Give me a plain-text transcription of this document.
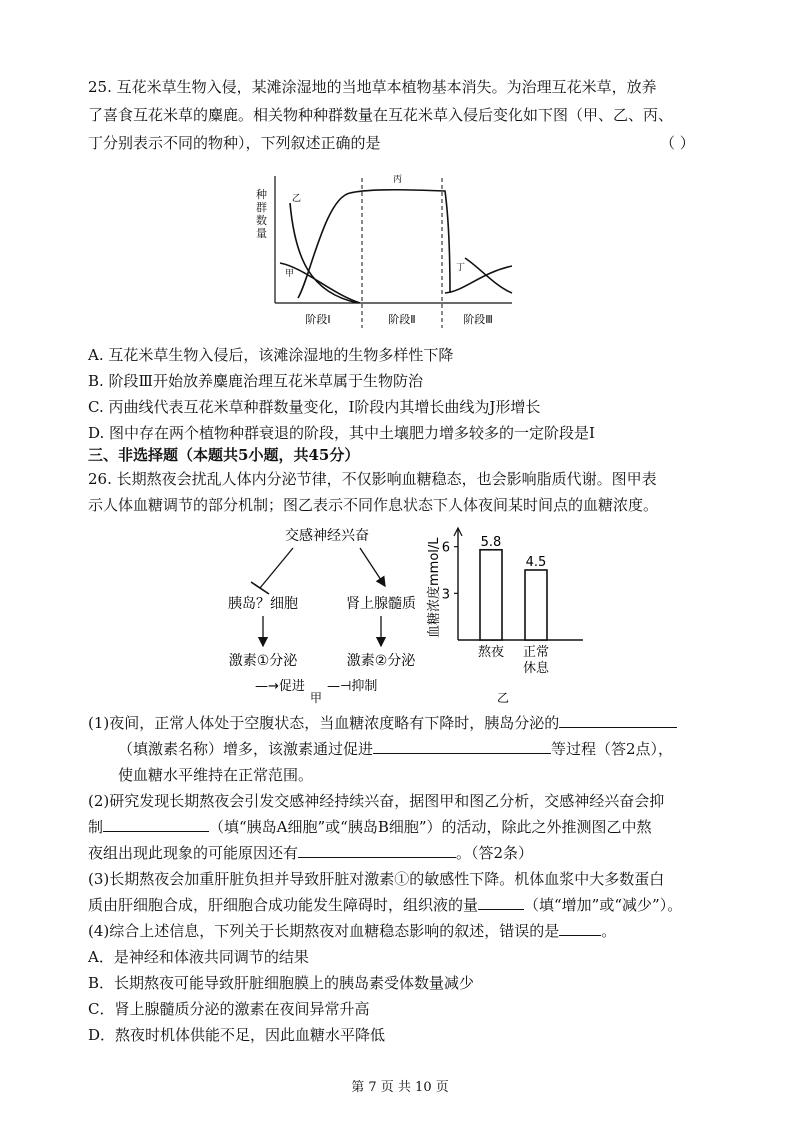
25. 互花米草生物入侵，某滩涂湿地的当地草本植物基本消失。为治理互花米草，放养
了喜食互花米草的麋鹿。相关物种种群数量在互花米草入侵后变化如下图（甲、乙、丙、
丁分别表示不同的物种），下列叙述正确的是	（ ）
种群数量
乙
甲
丙
丁
阶段Ⅰ	阶段Ⅱ	阶段Ⅲ
A. 互花米草生物入侵后，该滩涂湿地的生物多样性下降
B. 阶段Ⅲ开始放养麋鹿治理互花米草属于生物防治
C. 丙曲线代表互花米草种群数量变化，Ⅰ阶段内其增长曲线为J形增长
D. 图中存在两个植物种群衰退的阶段，其中土壤肥力增多较多的一定阶段是Ⅰ
三、非选择题（本题共5小题，共45分）
26. 长期熬夜会扰乱人体内分泌节律，不仅影响血糖稳态，也会影响脂质代谢。图甲表
示人体血糖调节的部分机制；图乙表示不同作息状态下人体夜间某时间点的血糖浓度。
交感神经兴奋
胰岛？细胞	肾上腺髓质
激素①分泌	激素②分泌
—→促进 —⊣抑制
甲
血糖浓度mmol/L 6
3
5.8
熬夜
4.5
正常
休息
乙
(1)夜间，正常人体处于空腹状态，当血糖浓度略有下降时，胰岛分泌的
（填激素名称）增多，该激素通过促进	等过程（答2点），
使血糖水平维持在正常范围。
(2)研究发现长期熬夜会引发交感神经持续兴奋，据图甲和图乙分析，交感神经兴奋会抑
制	（填“胰岛A细胞”或“胰岛B细胞”）的活动，除此之外推测图乙中熬
夜组出现此现象的可能原因还有	。（答2条）
(3)长期熬夜会加重肝脏负担并导致肝脏对激素①的敏感性下降。机体血浆中大多数蛋白
质由肝细胞合成，肝细胞合成功能发生障碍时，组织液的量	（填“增加”或“减少”）。
(4)综合上述信息，下列关于长期熬夜对血糖稳态影响的叙述，错误的是	。
A．是神经和体液共同调节的结果
B．长期熬夜可能导致肝脏细胞膜上的胰岛素受体数量减少
C．肾上腺髓质分泌的激素在夜间异常升高
D．熬夜时机体供能不足，因此血糖水平降低
第 7 页 共 10 页
